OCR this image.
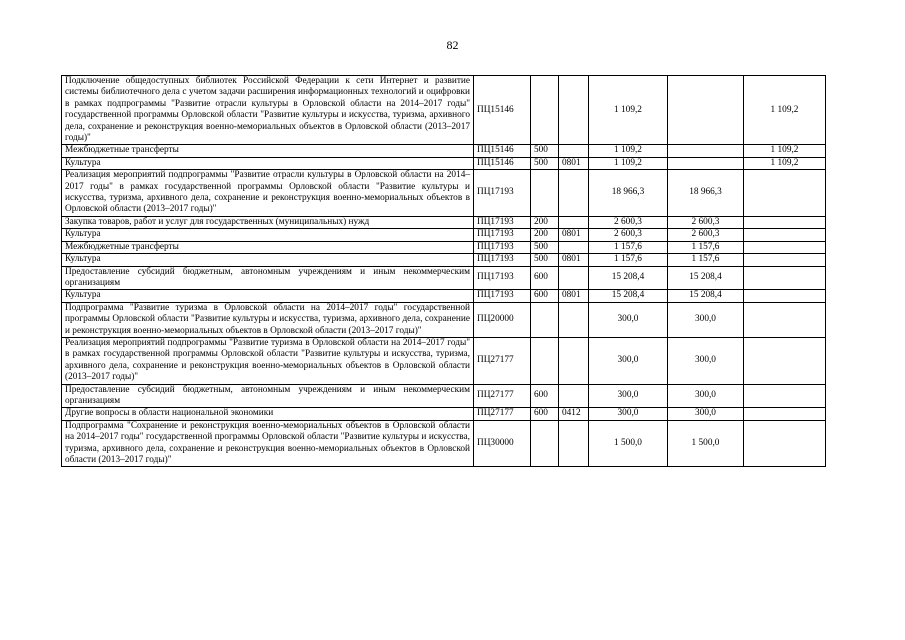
82
Подключение общедоступных библиотек Российской Федерации к сети Интернет и развитие системы библиотечного дела с учетом задачи расширения информационных технологий и оцифровки в рамках подпрограммы "Развитие отрасли культуры в Орловской области на 2014–2017 годы" государственной программы Орловской области "Развитие культуры и искусства, туризма, архивного дела, сохранение и реконструкция военно-мемориальных объектов в Орловской области (2013–2017 годы)"	ПЦ15146			1 109,2		1 109,2
Межбюджетные трансферты	ПЦ15146	500		1 109,2		1 109,2
Культура	ПЦ15146	500	0801	1 109,2		1 109,2
Реализация мероприятий подпрограммы "Развитие отрасли культуры в Орловской области на 2014–2017 годы" в рамках государственной программы Орловской области "Развитие культуры и искусства, туризма, архивного дела, сохранение и реконструкция военно-мемориальных объектов в Орловской области (2013–2017 годы)"	ПЦ17193			18 966,3	18 966,3	
Закупка товаров, работ и услуг для государственных (муниципальных) нужд	ПЦ17193	200		2 600,3	2 600,3	
Культура	ПЦ17193	200	0801	2 600,3	2 600,3	
Межбюджетные трансферты	ПЦ17193	500		1 157,6	1 157,6	
Культура	ПЦ17193	500	0801	1 157,6	1 157,6	
Предоставление субсидий бюджетным, автономным учреждениям и иным некоммерческим организациям	ПЦ17193	600		15 208,4	15 208,4	
Культура	ПЦ17193	600	0801	15 208,4	15 208,4	
Подпрограмма "Развитие туризма в Орловской области на 2014–2017 годы" государственной программы Орловской области "Развитие культуры и искусства, туризма, архивного дела, сохранение и реконструкция военно-мемориальных объектов в Орловской области (2013–2017 годы)"	ПЦ20000			300,0	300,0	
Реализация мероприятий подпрограммы "Развитие туризма в Орловской области на 2014–2017 годы" в рамках государственной программы Орловской области "Развитие культуры и искусства, туризма, архивного дела, сохранение и реконструкция военно-мемориальных объектов в Орловской области (2013–2017 годы)"	ПЦ27177			300,0	300,0	
Предоставление субсидий бюджетным, автономным учреждениям и иным некоммерческим организациям	ПЦ27177	600		300,0	300,0	
Другие вопросы в области национальной экономики	ПЦ27177	600	0412	300,0	300,0	
Подпрограмма "Сохранение и реконструкция военно-мемориальных объектов в Орловской области на 2014–2017 годы" государственной программы Орловской области "Развитие культуры и искусства, туризма, архивного дела, сохранение и реконструкция военно-мемориальных объектов в Орловской области (2013–2017 годы)"	ПЦ30000			1 500,0	1 500,0	
